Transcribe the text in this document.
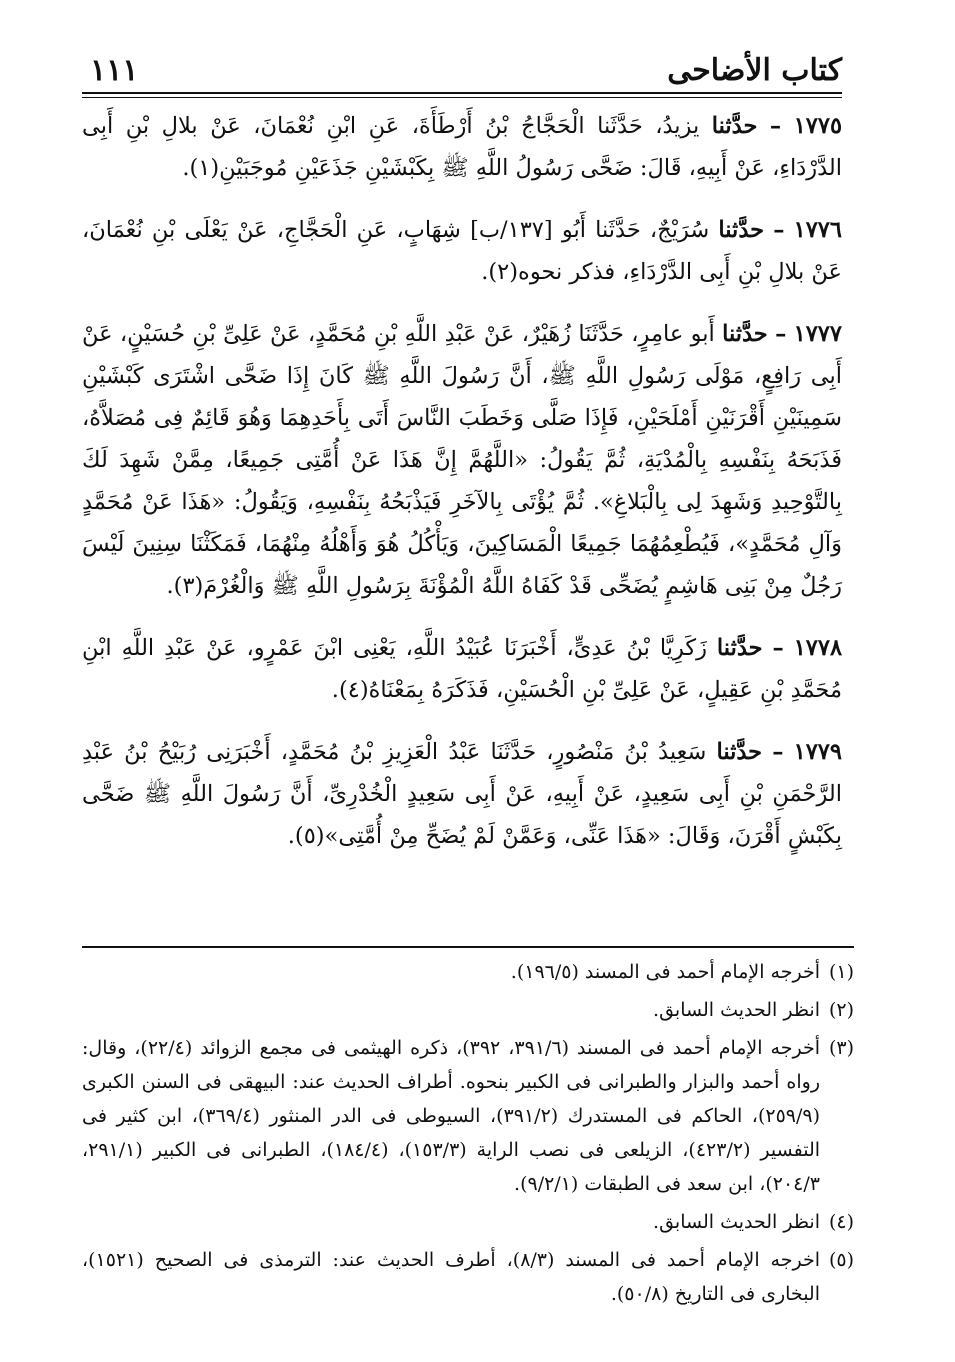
كتاب الأضاحى
١١١

١٧٧٥ – حدَّثنا يزيدُ، حَدَّثَنا الْحَجَّاجُ بْنُ أَرْطَأَةَ، عَنِ ابْنِ نُعْمَانَ، عَنْ بلالِ بْنِ أَبِى الدَّرْدَاءِ، عَنْ أَبِيهِ، قَالَ: ضَحَّى رَسُولُ اللَّهِ ﷺ بِكَبْشَيْنِ جَذَعَيْنِ مُوجَبَيْنِ(١).

١٧٧٦ – حدَّثنا سُرَيْجٌ، حَدَّثَنا أَبُو [١٣٧/ب] شِهَابٍ، عَنِ الْحَجَّاجِ، عَنْ يَعْلَى بْنِ نُعْمَانَ، عَنْ بلالِ بْنِ أَبِى الدَّرْدَاءِ، فذكر نحوه(٢).

١٧٧٧ – حدَّثنا أَبو عامِرٍ، حَدَّثَنَا زُهَيْرٌ، عَنْ عَبْدِ اللَّهِ بْنِ مُحَمَّدٍ، عَنْ عَلِىِّ بْنِ حُسَيْنٍ، عَنْ أَبِى رَافِعٍ، مَوْلَى رَسُولِ اللَّهِ ﷺ، أَنَّ رَسُولَ اللَّهِ ﷺ كَانَ إِذَا ضَحَّى اشْتَرَى كَبْشَيْنِ سَمِينَيْنِ أَقْرَنَيْنِ أَمْلَحَيْنِ، فَإِذَا صَلَّى وَخَطَبَ النَّاسَ أَتَى بِأَحَدِهِمَا وَهُوَ قَائِمٌ فِى مُصَلاَّهُ، فَذَبَحَهُ بِنَفْسِهِ بِالْمُدْيَةِ، ثُمَّ يَقُولُ: «اللَّهُمَّ إِنَّ هَذَا عَنْ أُمَّتِى جَمِيعًا، مِمَّنْ شَهِدَ لَكَ بِالتَّوْحِيدِ وَشَهِدَ لِى بِالْبَلاغِ». ثُمَّ يُؤْتَى بِالآخَرِ فَيَذْبَحُهُ بِنَفْسِهِ، وَيَقُولُ: «هَذَا عَنْ مُحَمَّدٍ وَآلِ مُحَمَّدٍ»، فَيُطْعِمُهُمَا جَمِيعًا الْمَسَاكِينَ، وَيَأْكُلُ هُوَ وَأَهْلُهُ مِنْهُمَا، فَمَكَثْنَا سِنِينَ لَيْسَ رَجُلٌ مِنْ بَنِى هَاشِمٍ يُضَحِّى قَدْ كَفَاهُ اللَّهُ الْمُؤْنَةَ بِرَسُولِ اللَّهِ ﷺ وَالْغُرْمَ(٣).

١٧٧٨ – حدَّثنا زَكَرِيَّا بْنُ عَدِىٍّ، أَخْبَرَنَا عُبَيْدُ اللَّهِ، يَعْنِى ابْنَ عَمْرٍو، عَنْ عَبْدِ اللَّهِ ابْنِ مُحَمَّدِ بْنِ عَقِيلٍ، عَنْ عَلِىِّ بْنِ الْحُسَيْنِ، فَذَكَرَهُ بِمَعْنَاهُ(٤).

١٧٧٩ – حدَّثنا سَعِيدُ بْنُ مَنْصُورٍ، حَدَّثَنَا عَبْدُ الْعَزِيزِ بْنُ مُحَمَّدٍ، أَخْبَرَنِى رُبَيْحُ بْنُ عَبْدِ الرَّحْمَنِ بْنِ أَبِى سَعِيدٍ، عَنْ أَبِيهِ، عَنْ أَبِى سَعِيدٍ الْخُدْرِىِّ، أَنَّ رَسُولَ اللَّهِ ﷺ ضَحَّى بِكَبْشٍ أَقْرَنَ، وَقَالَ: «هَذَا عَنِّى، وَعَمَّنْ لَمْ يُضَحِّ مِنْ أُمَّتِى»(٥).

(١)
أخرجه الإمام أحمد فى المسند (١٩٦/٥).

(٢)
انظر الحديث السابق.

(٣)
أخرجه الإمام أحمد فى المسند (٣٩١/٦، ٣٩٢)، ذكره الهيثمى فى مجمع الزوائد (٢٢/٤)، وقال: رواه أحمد والبزار والطبرانى فى الكبير بنحوه. أطراف الحديث عند: البيهقى فى السنن الكبرى (٢٥٩/٩)، الحاكم فى المستدرك (٣٩١/٢)، السيوطى فى الدر المنثور (٣٦٩/٤)، ابن كثير فى التفسير (٤٢٣/٢)، الزيلعى فى نصب الراية (١٥٣/٣)، (١٨٤/٤)، الطبرانى فى الكبير (٢٩١/١، ٢٠٤/٣)، ابن سعد فى الطبقات (٩/٢/١).

(٤)
انظر الحديث السابق.

(٥)
اخرجه الإمام أحمد فى المسند (٨/٣)، أطرف الحديث عند: الترمذى فى الصحيح (١٥٢١)، البخارى فى التاريخ (٥٠/٨).
